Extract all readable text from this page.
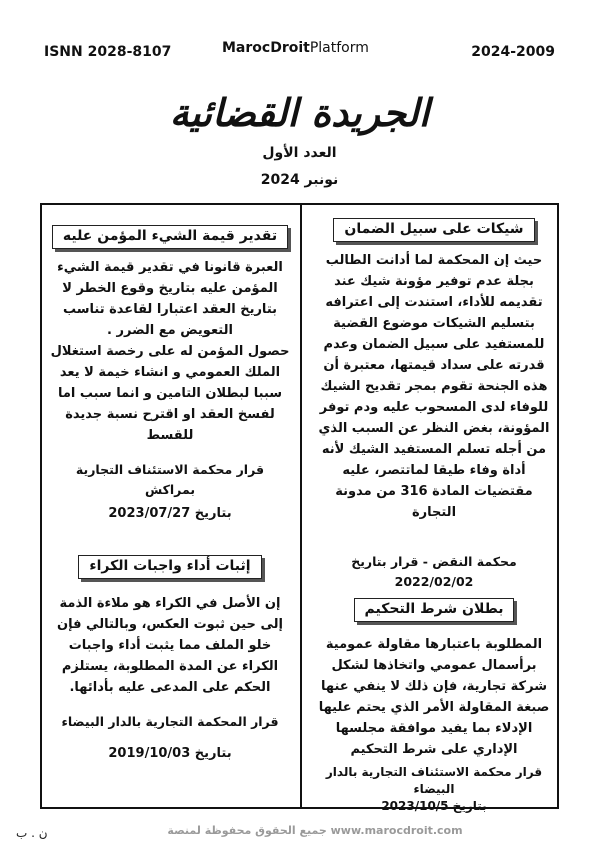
ISNN 2028-8107	MarocDroitPlatform	2024-2009
الجريدة القضائية
العدد الأول
نونبر 2024
شيكات على سبيل الضمان
حيث إن المحكمة لما أدانت الطالب بجلة عدم توفير مؤونة شيك عند تقديمه للأداء، استندت إلى اعترافه بتسليم الشيكات موضوع القضية للمستفيد على سبيل الضمان وعدم قدرته على سداد قيمتها، معتبرة أن هذه الجنحة تقوم بمجر تقديح الشيك للوفاء لدى المسحوب عليه ودم توفر المؤونة، بغض النظر عن السبب الذي من أجله تسلم المستفيد الشيك لأنه أداة وفاء طيقا لماتتصر، عليه مقتضيات المادة 316 من مدونة التجارة
محكمة النقض - قرار بتاريخ 2022/02/02
بطلان شرط التحكيم
المطلوبة باعتبارها مقاولة عمومية برأسمال عمومي واتخاذها لشكل شركة تجارية، فإن ذلك لا ينفي عنها صبغة المقاولة الأمر الذي يحتم عليها الإدلاء بما يفيد موافقة مجلسها الإداري على شرط التحكيم
قرار محكمة الاستئناف التجارية بالدار البيضاء
بتاريخ 2023/10/5
تقدير قيمة الشيء المؤمن عليه
العبرة قانونا في تقدير قيمة الشيء المؤمن عليه بتاريخ وقوع الخطر لا بتاريخ العقد اعتبارا لقاعدة تناسب التعويض مع الضرر .
حصول المؤمن له على رخصة استغلال الملك العمومي و انشاء خيمة لا يعد سببا لبطلان التامين و انما سبب اما لفسخ العقد او اقترح نسبة جديدة للقسط
قرار محكمة الاستئناف التجارية بمراكش
بتاريخ 2023/07/27
إثبات أداء واجبات الكراء
إن الأصل في الكراء هو ملاءة الذمة إلى حين ثبوت العكس، وبالتالي فإن خلو الملف مما يثبت أداء واجبات الكراء عن المدة المطلوبة، يستلزم الحكم على المدعى عليه بأدائها.
قرار المحكمة التجارية بالدار البيضاء
بتاريخ 2019/10/03
www.marocdroit.com جميع الحقوق محفوظة لمنصة
ن . ب
